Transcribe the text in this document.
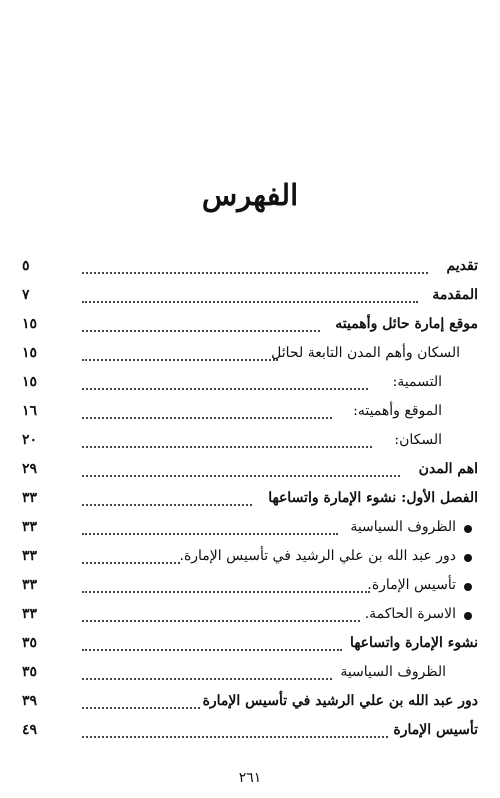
الفهرس
تقديم
٥
المقدمة
٧
موقع إمارة حائل وأهميته
١٥
السكان وأهم المدن التابعة لحائل
١٥
التسمية:
١٥
الموقع وأهميته:
١٦
السكان:
٢٠
اهم المدن
٢٩
الفصل الأول: نشوء الإمارة واتساعها
٣٣
الظروف السياسية
٣٣
دور عبد الله بن علي الرشيد في تأسيس الإمارة.
٣٣
تأسيس الإمارة.
٣٣
الاسرة الحاكمة.
٣٣
نشوء الإمارة واتساعها
٣٥
الظروف السياسية
٣٥
دور عبد الله بن علي الرشيد في تأسيس الإمارة
٣٩
تأسيس الإمارة
٤٩
٢٦١
